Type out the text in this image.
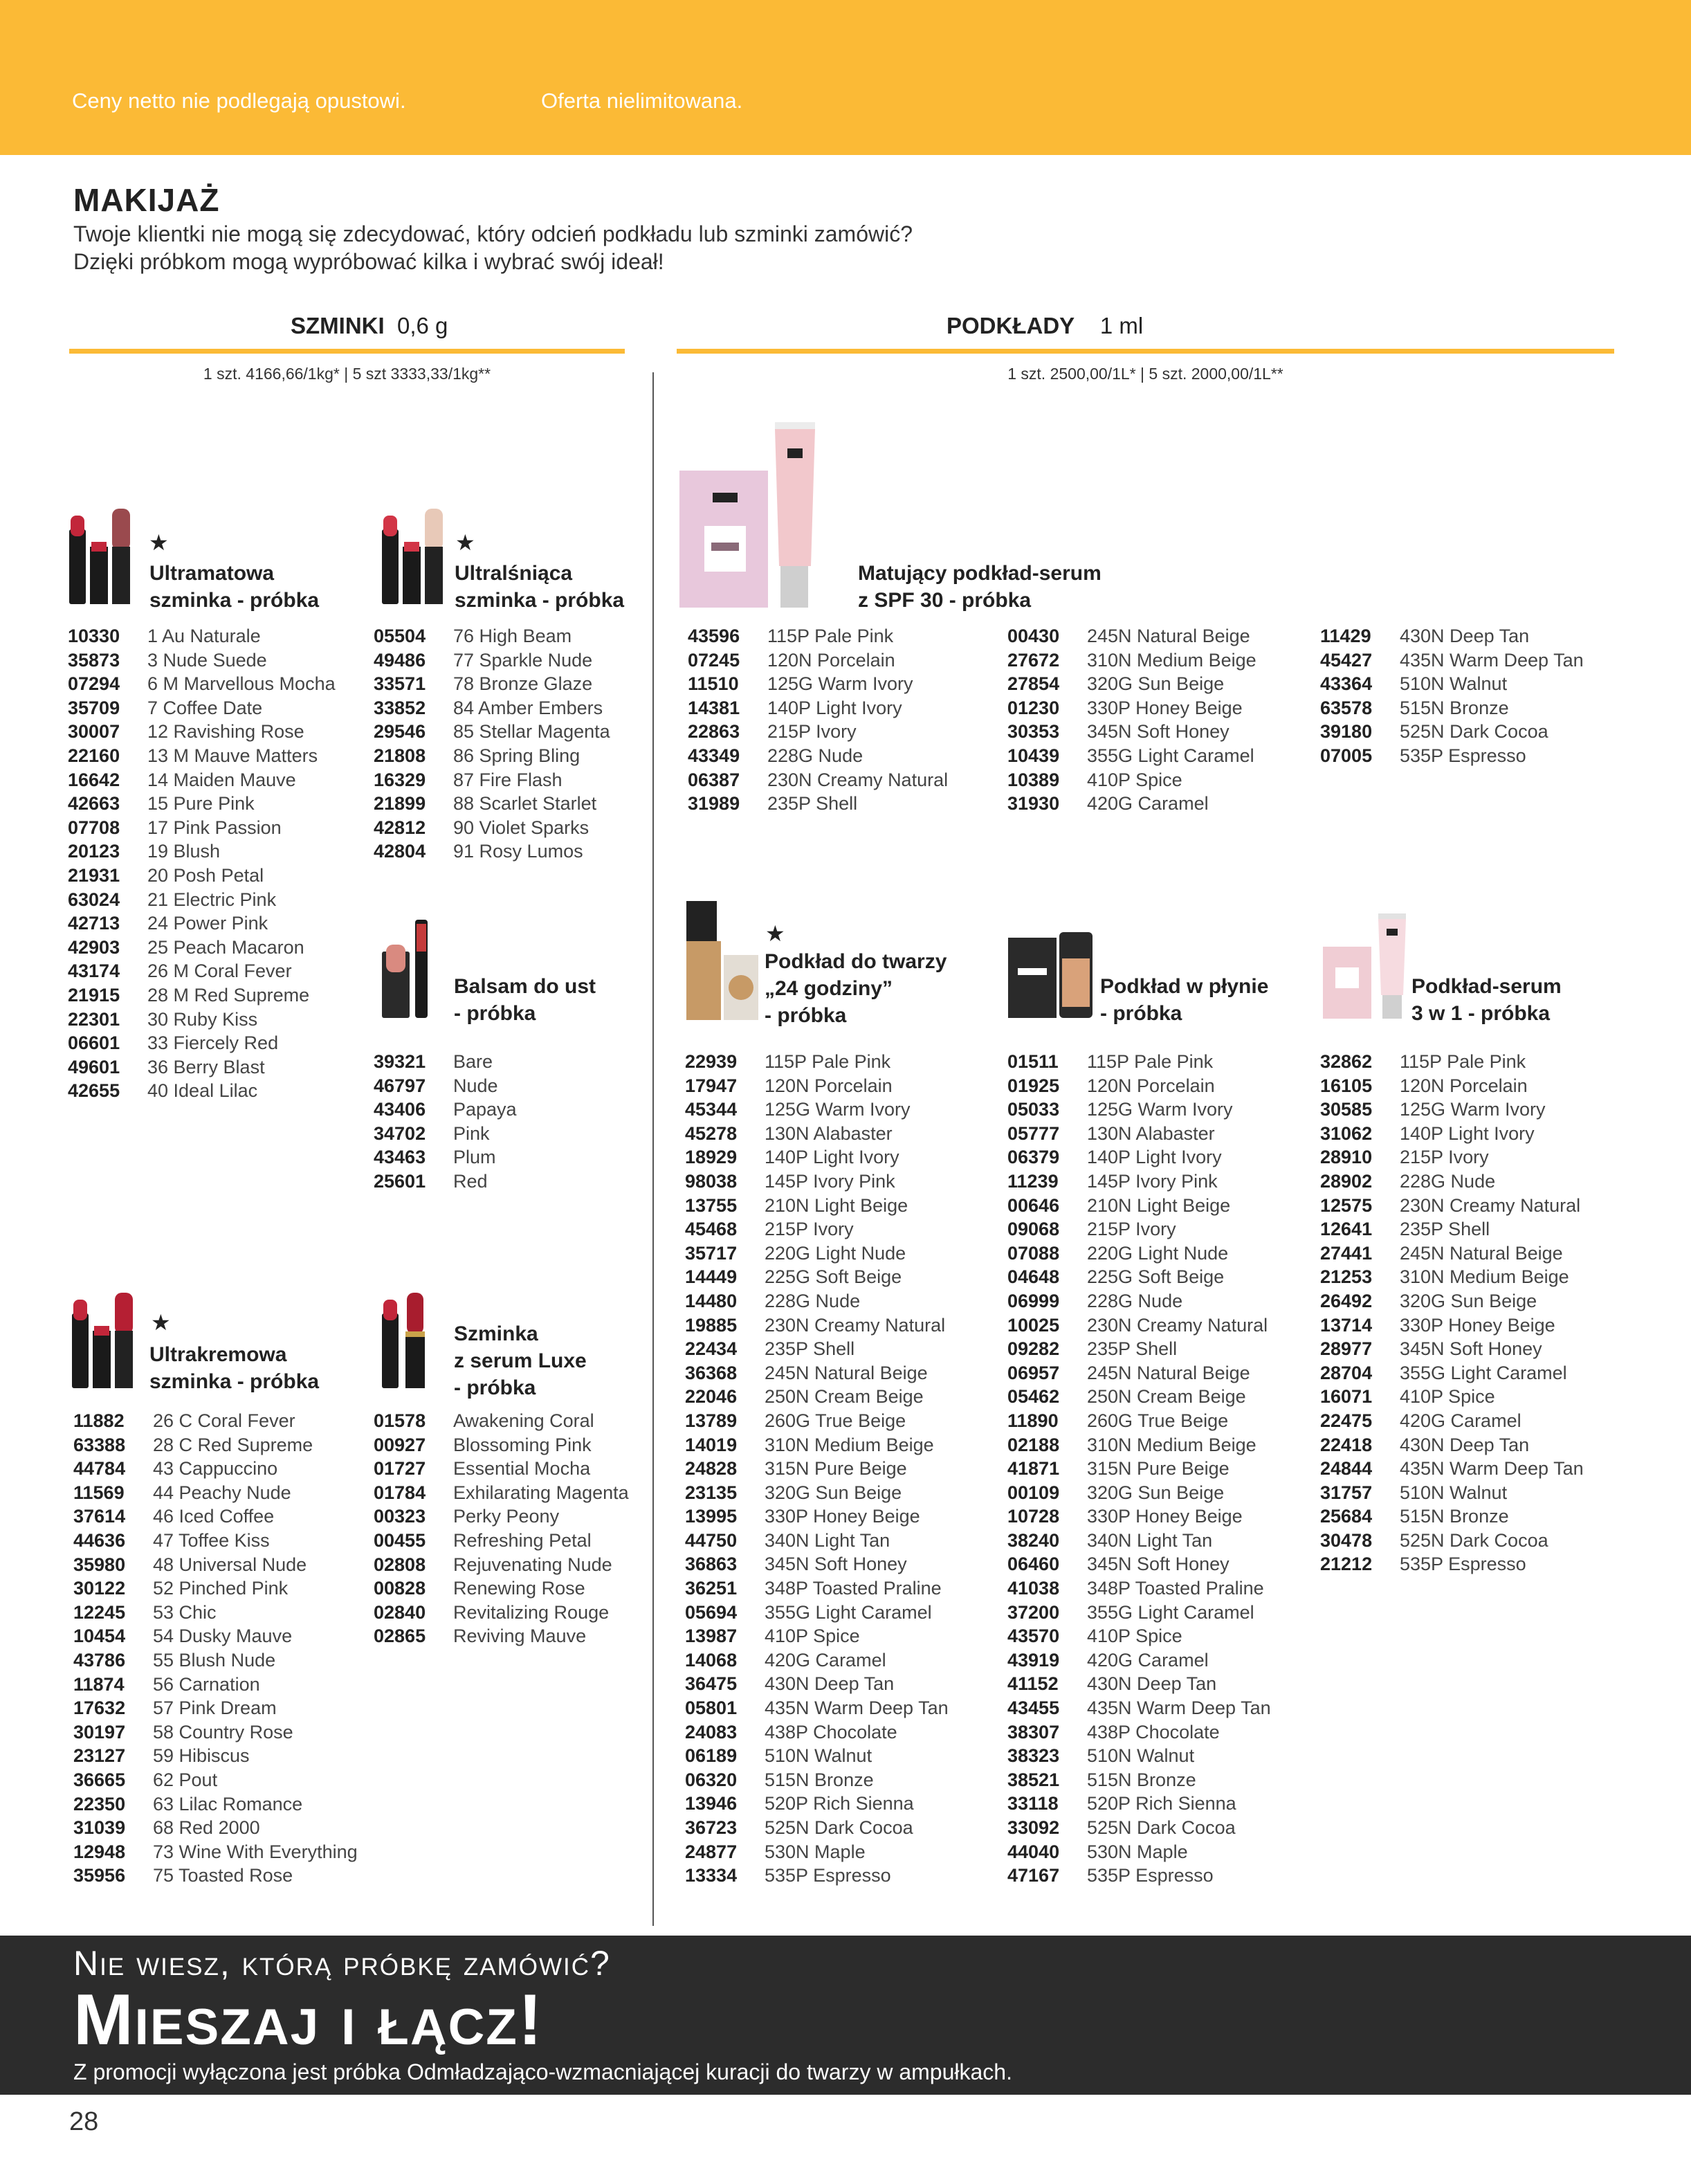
Ceny netto nie podlegają opustowi.	Oferta nielimitowana.
MAKIJAŻ
Twoje klientki nie mogą się zdecydować, który odcień podkładu lub szminki zamówić?
Dzięki próbkom mogą wypróbować kilka i wybrać swój ideał!
SZMINKI 0,6 g
1 szt. 4166,66/1kg* | 5 szt 3333,33/1kg**
PODKŁADY 1 ml
1 szt. 2500,00/1L* | 5 szt. 2000,00/1L**
★
Ultramatowa
szminka - próbka
10330	1 Au Naturale
35873	3 Nude Suede
07294	6 M Marvellous Mocha
35709	7 Coffee Date
30007	12 Ravishing Rose
22160	13 M Mauve Matters
16642	14 Maiden Mauve
42663	15 Pure Pink
07708	17 Pink Passion
20123	19 Blush
21931	20 Posh Petal
63024	21 Electric Pink
42713	24 Power Pink
42903	25 Peach Macaron
43174	26 M Coral Fever
21915	28 M Red Supreme
22301	30 Ruby Kiss
06601	33 Fiercely Red
49601	36 Berry Blast
42655	40 Ideal Lilac
★
Ultralśniąca
szminka - próbka
05504	76 High Beam
49486	77 Sparkle Nude
33571	78 Bronze Glaze
33852	84 Amber Embers
29546	85 Stellar Magenta
21808	86 Spring Bling
16329	87 Fire Flash
21899	88 Scarlet Starlet
42812	90 Violet Sparks
42804	91 Rosy Lumos
Balsam do ust
- próbka
39321	Bare
46797	Nude
43406	Papaya
34702	Pink
43463	Plum
25601	Red
★
Ultrakremowa
szminka - próbka
11882	26 C Coral Fever
63388	28 C Red Supreme
44784	43 Cappuccino
11569	44 Peachy Nude
37614	46 Iced Coffee
44636	47 Toffee Kiss
35980	48 Universal Nude
30122	52 Pinched Pink
12245	53 Chic
10454	54 Dusky Mauve
43786	55 Blush Nude
11874	56 Carnation
17632	57 Pink Dream
30197	58 Country Rose
23127	59 Hibiscus
36665	62 Pout
22350	63 Lilac Romance
31039	68 Red 2000
12948	73 Wine With Everything
35956	75 Toasted Rose
Szminka
z serum Luxe
- próbka
01578	Awakening Coral
00927	Blossoming Pink
01727	Essential Mocha
01784	Exhilarating Magenta
00323	Perky Peony
00455	Refreshing Petal
02808	Rejuvenating Nude
00828	Renewing Rose
02840	Revitalizing Rouge
02865	Reviving Mauve
Matujący podkład-serum
z SPF 30 - próbka
43596	115P Pale Pink
07245	120N Porcelain
11510	125G Warm Ivory
14381	140P Light Ivory
22863	215P Ivory
43349	228G Nude
06387	230N Creamy Natural
31989	235P Shell
00430	245N Natural Beige
27672	310N Medium Beige
27854	320G Sun Beige
01230	330P Honey Beige
30353	345N Soft Honey
10439	355G Light Caramel
10389	410P Spice
31930	420G Caramel
11429	430N Deep Tan
45427	435N Warm Deep Tan
43364	510N Walnut
63578	515N Bronze
39180	525N Dark Cocoa
07005	535P Espresso
★
Podkład do twarzy
„24 godziny”
- próbka
22939	115P Pale Pink
17947	120N Porcelain
45344	125G Warm Ivory
45278	130N Alabaster
18929	140P Light Ivory
98038	145P Ivory Pink
13755	210N Light Beige
45468	215P Ivory
35717	220G Light Nude
14449	225G Soft Beige
14480	228G Nude
19885	230N Creamy Natural
22434	235P Shell
36368	245N Natural Beige
22046	250N Cream Beige
13789	260G True Beige
14019	310N Medium Beige
24828	315N Pure Beige
23135	320G Sun Beige
13995	330P Honey Beige
44750	340N Light Tan
36863	345N Soft Honey
36251	348P Toasted Praline
05694	355G Light Caramel
13987	410P Spice
14068	420G Caramel
36475	430N Deep Tan
05801	435N Warm Deep Tan
24083	438P Chocolate
06189	510N Walnut
06320	515N Bronze
13946	520P Rich Sienna
36723	525N Dark Cocoa
24877	530N Maple
13334	535P Espresso
Podkład w płynie
- próbka
01511	115P Pale Pink
01925	120N Porcelain
05033	125G Warm Ivory
05777	130N Alabaster
06379	140P Light Ivory
11239	145P Ivory Pink
00646	210N Light Beige
09068	215P Ivory
07088	220G Light Nude
04648	225G Soft Beige
06999	228G Nude
10025	230N Creamy Natural
09282	235P Shell
06957	245N Natural Beige
05462	250N Cream Beige
11890	260G True Beige
02188	310N Medium Beige
41871	315N Pure Beige
00109	320G Sun Beige
10728	330P Honey Beige
38240	340N Light Tan
06460	345N Soft Honey
41038	348P Toasted Praline
37200	355G Light Caramel
43570	410P Spice
43919	420G Caramel
41152	430N Deep Tan
43455	435N Warm Deep Tan
38307	438P Chocolate
38323	510N Walnut
38521	515N Bronze
33118	520P Rich Sienna
33092	525N Dark Cocoa
44040	530N Maple
47167	535P Espresso
Podkład-serum
3 w 1 - próbka
32862	115P Pale Pink
16105	120N Porcelain
30585	125G Warm Ivory
31062	140P Light Ivory
28910	215P Ivory
28902	228G Nude
12575	230N Creamy Natural
12641	235P Shell
27441	245N Natural Beige
21253	310N Medium Beige
26492	320G Sun Beige
13714	330P Honey Beige
28977	345N Soft Honey
28704	355G Light Caramel
16071	410P Spice
22475	420G Caramel
22418	430N Deep Tan
24844	435N Warm Deep Tan
31757	510N Walnut
25684	515N Bronze
30478	525N Dark Cocoa
21212	535P Espresso
Nie wiesz, którą próbkę zamówić?
Mieszaj i łącz!
Z promocji wyłączona jest próbka Odmładzająco-wzmacniającej kuracji do twarzy w ampułkach.
28
